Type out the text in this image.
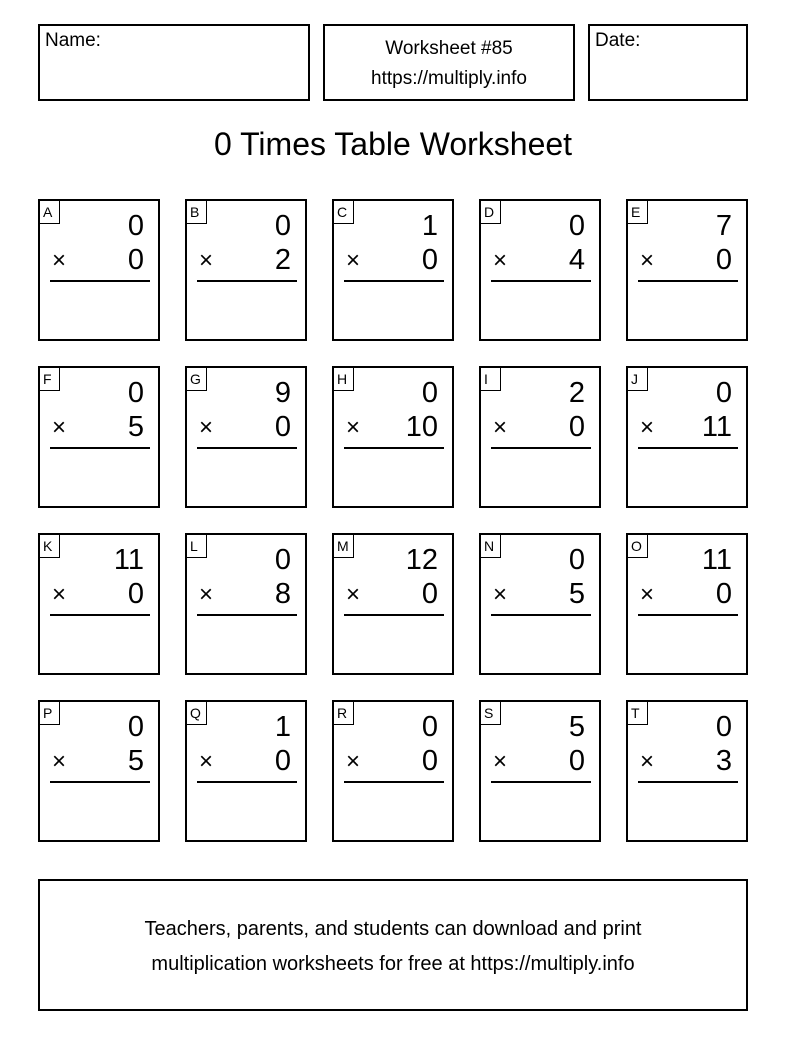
Name:	Worksheet #85
https://multiply.info
Date:
0 Times Table Worksheet
A	0
× 0
B	0
× 2
C	1
× 0
D	0
× 4
E	7
× 0
F	0
× 5
G	9
× 0
H	0
× 10
I	2
× 0
J	0
× 11
K 11
× 0
L	0
× 8
M 12
× 0
N	0
× 5
O 11
× 0
P	0
× 5
Q	1
× 0
R	0
× 0
S	5
× 0
T	0
× 3
Teachers, parents, and students can download and print
multiplication worksheets for free at https://multiply.info
